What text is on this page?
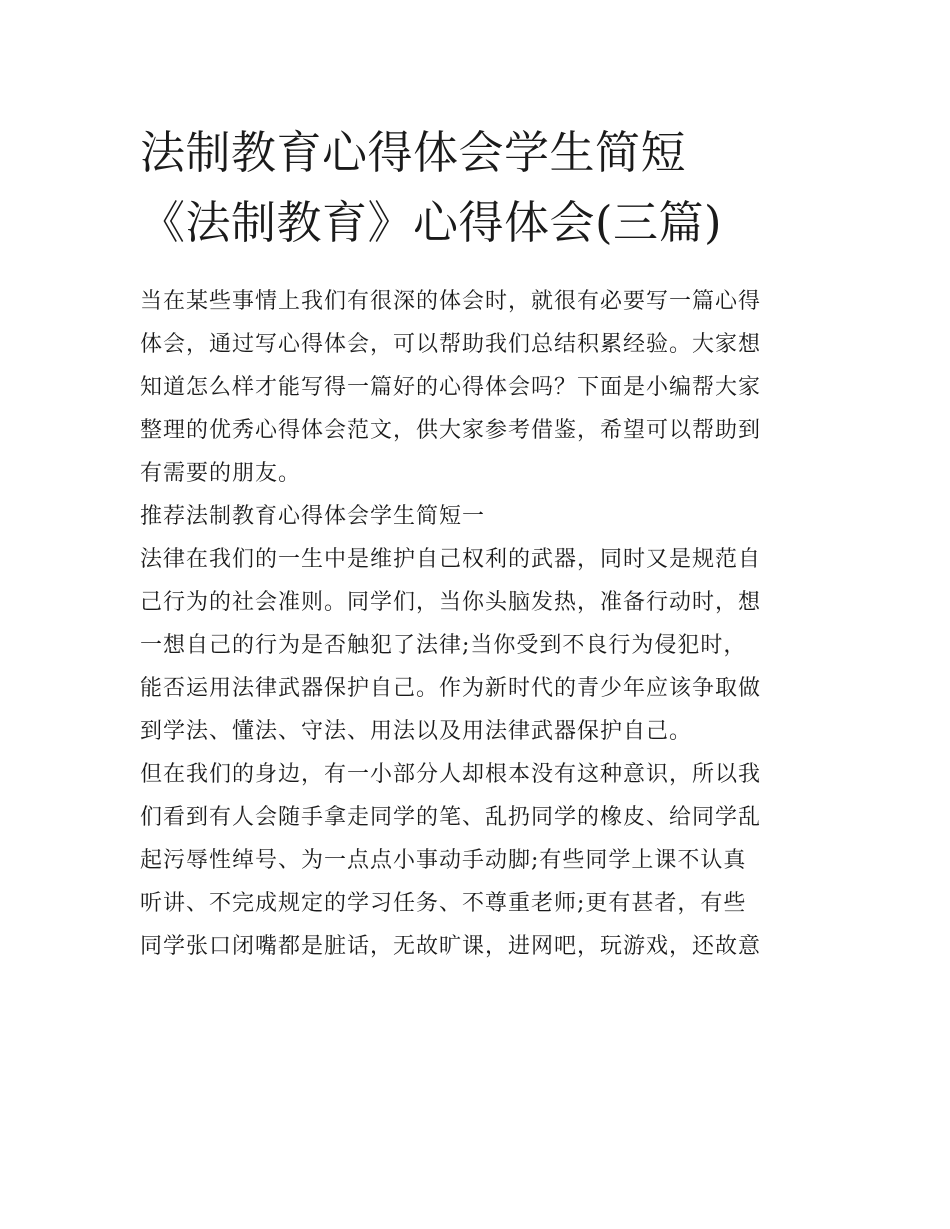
法制教育心得体会学生简短
《法制教育》心得体会(三篇)
当在某些事情上我们有很深的体会时，就很有必要写一篇心得
体会，通过写心得体会，可以帮助我们总结积累经验。大家想
知道怎么样才能写得一篇好的心得体会吗？下面是小编帮大家
整理的优秀心得体会范文，供大家参考借鉴，希望可以帮助到
有需要的朋友。
推荐法制教育心得体会学生简短一
法律在我们的一生中是维护自己权利的武器，同时又是规范自
己行为的社会准则。同学们，当你头脑发热，准备行动时，想
一想自己的行为是否触犯了法律;当你受到不良行为侵犯时，
能否运用法律武器保护自己。作为新时代的青少年应该争取做
到学法、懂法、守法、用法以及用法律武器保护自己。
但在我们的身边，有一小部分人却根本没有这种意识，所以我
们看到有人会随手拿走同学的笔、乱扔同学的橡皮、给同学乱
起污辱性绰号、为一点点小事动手动脚;有些同学上课不认真
听讲、不完成规定的学习任务、不尊重老师;更有甚者，有些
同学张口闭嘴都是脏话，无故旷课，进网吧，玩游戏，还故意
